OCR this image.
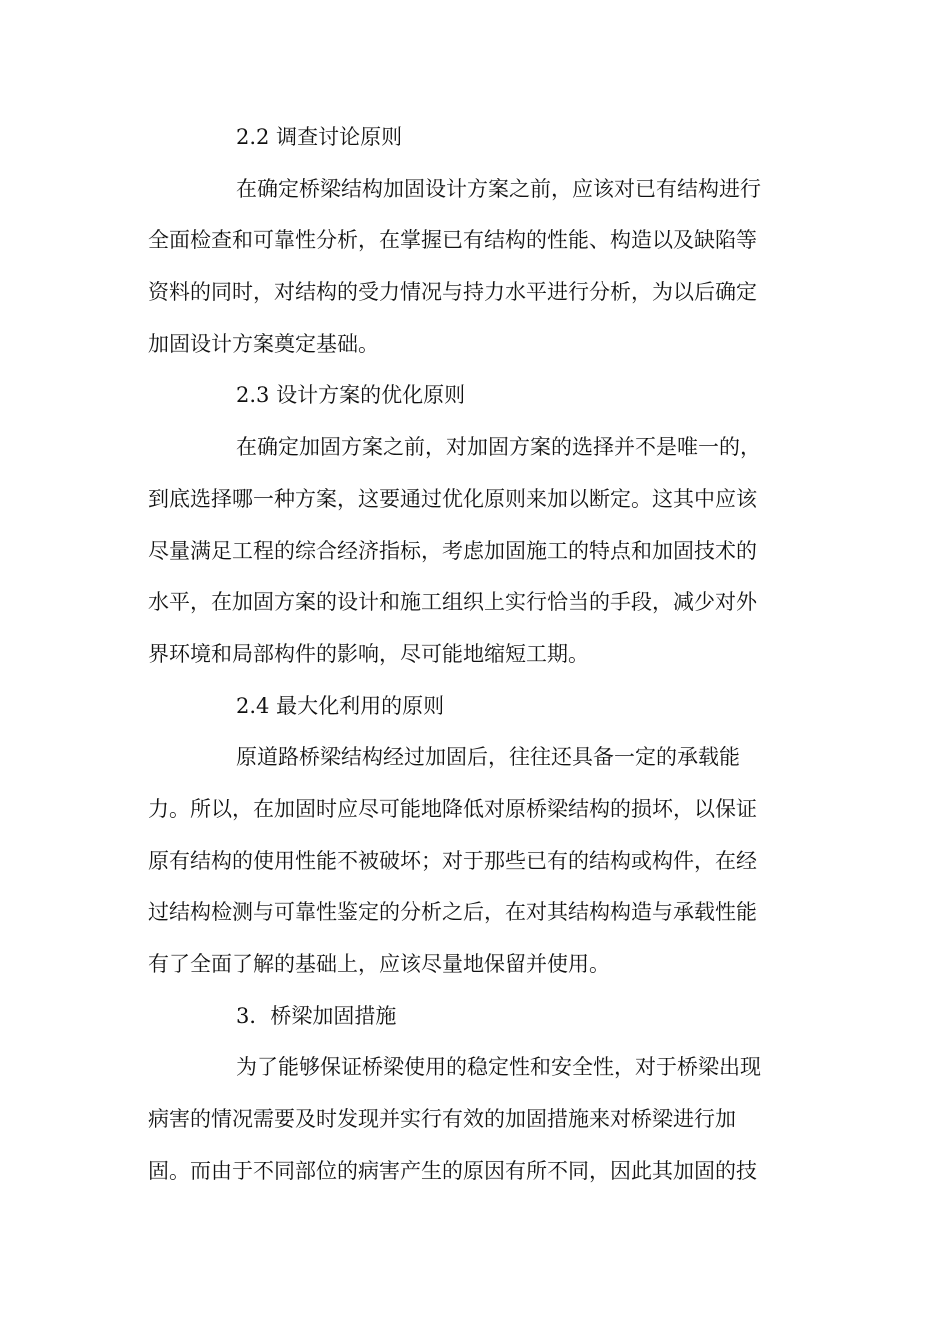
2.2 调查讨论原则
在确定桥梁结构加固设计方案之前，应该对已有结构进行
全面检查和可靠性分析，在掌握已有结构的性能、构造以及缺陷等
资料的同时，对结构的受力情况与持力水平进行分析，为以后确定
加固设计方案奠定基础。
2.3 设计方案的优化原则
在确定加固方案之前，对加固方案的选择并不是唯一的，
到底选择哪一种方案，这要通过优化原则来加以断定。这其中应该
尽量满足工程的综合经济指标，考虑加固施工的特点和加固技术的
水平，在加固方案的设计和施工组织上实行恰当的手段，减少对外
界环境和局部构件的影响，尽可能地缩短工期。
2.4 最大化利用的原则
原道路桥梁结构经过加固后，往往还具备一定的承载能
力。所以，在加固时应尽可能地降低对原桥梁结构的损坏，以保证
原有结构的使用性能不被破坏；对于那些已有的结构或构件，在经
过结构检测与可靠性鉴定的分析之后，在对其结构构造与承载性能
有了全面了解的基础上，应该尽量地保留并使用。
3．桥梁加固措施
为了能够保证桥梁使用的稳定性和安全性，对于桥梁出现
病害的情况需要及时发现并实行有效的加固措施来对桥梁进行加
固。而由于不同部位的病害产生的原因有所不同，因此其加固的技
